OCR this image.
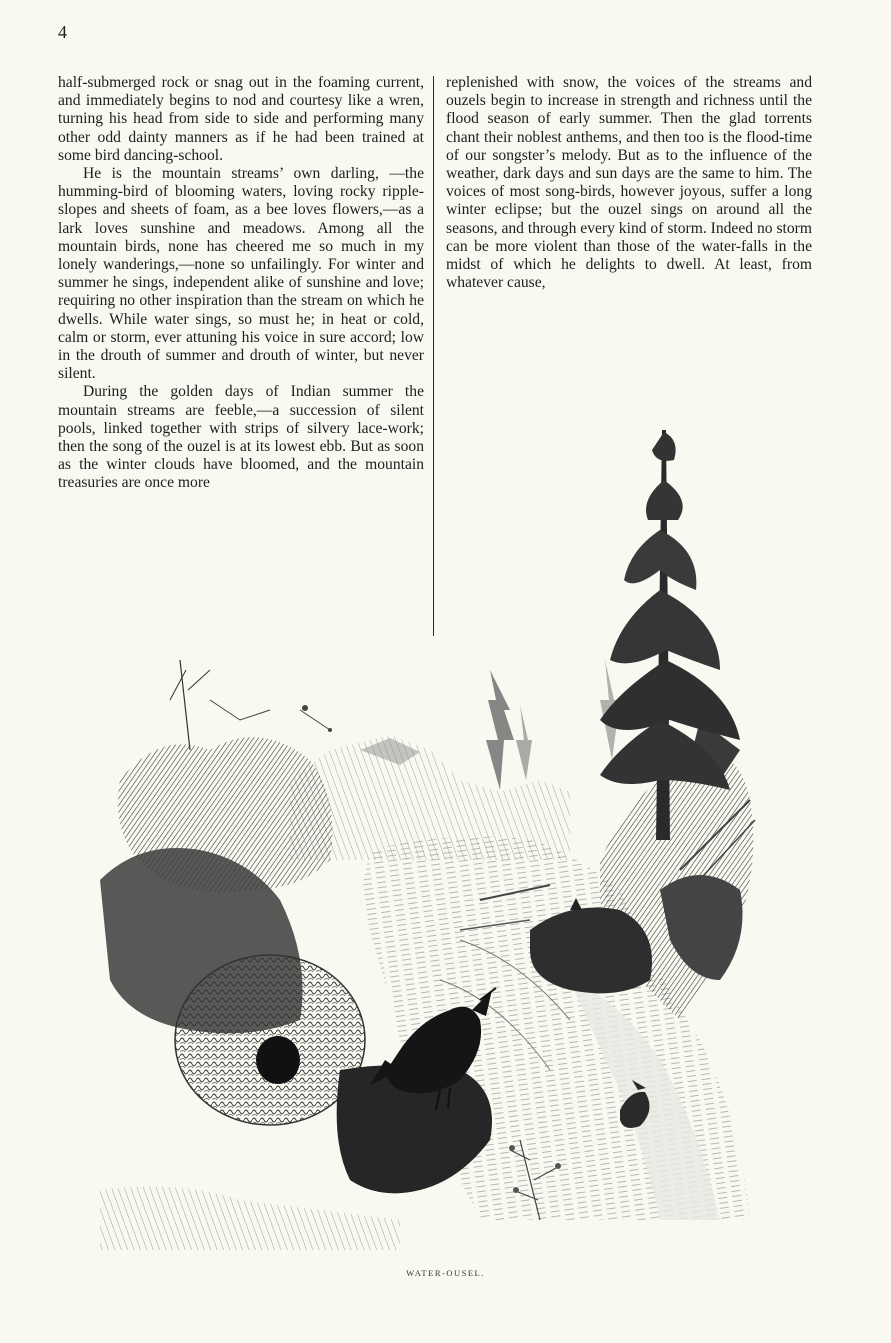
4

half-submerged rock or snag out in the foaming current, and immediately begins to nod and courtesy like a wren, turning his head from side to side and performing many other odd dainty manners as if he had been trained at some bird dancing-school.

He is the mountain streams’ own darling, —the humming-bird of blooming waters, loving rocky ripple-slopes and sheets of foam, as a bee loves flowers,—as a lark loves sunshine and meadows. Among all the mountain birds, none has cheered me so much in my lonely wanderings,—none so unfailingly. For winter and summer he sings, independent alike of sunshine and love; requiring no other inspiration than the stream on which he dwells. While water sings, so must he; in heat or cold, calm or storm, ever attuning his voice in sure accord; low in the drouth of summer and drouth of winter, but never silent.

During the golden days of Indian summer the mountain streams are feeble,—a succession of silent pools, linked together with strips of silvery lace-work; then the song of the ouzel is at its lowest ebb. But as soon as the winter clouds have bloomed, and the mountain treasuries are once more

replenished with snow, the voices of the streams and ouzels begin to increase in strength and richness until the flood season of early summer. Then the glad torrents chant their noblest anthems, and then too is the flood-time of our songster’s melody. But as to the influence of the weather, dark days and sun days are the same to him. The voices of most song-birds, however joyous, suffer a long winter eclipse; but the ouzel sings on around all the seasons, and through every kind of storm. Indeed no storm can be more violent than those of the water-falls in the midst of which he delights to dwell. At least, from whatever cause,

WATER-OUSEL.
